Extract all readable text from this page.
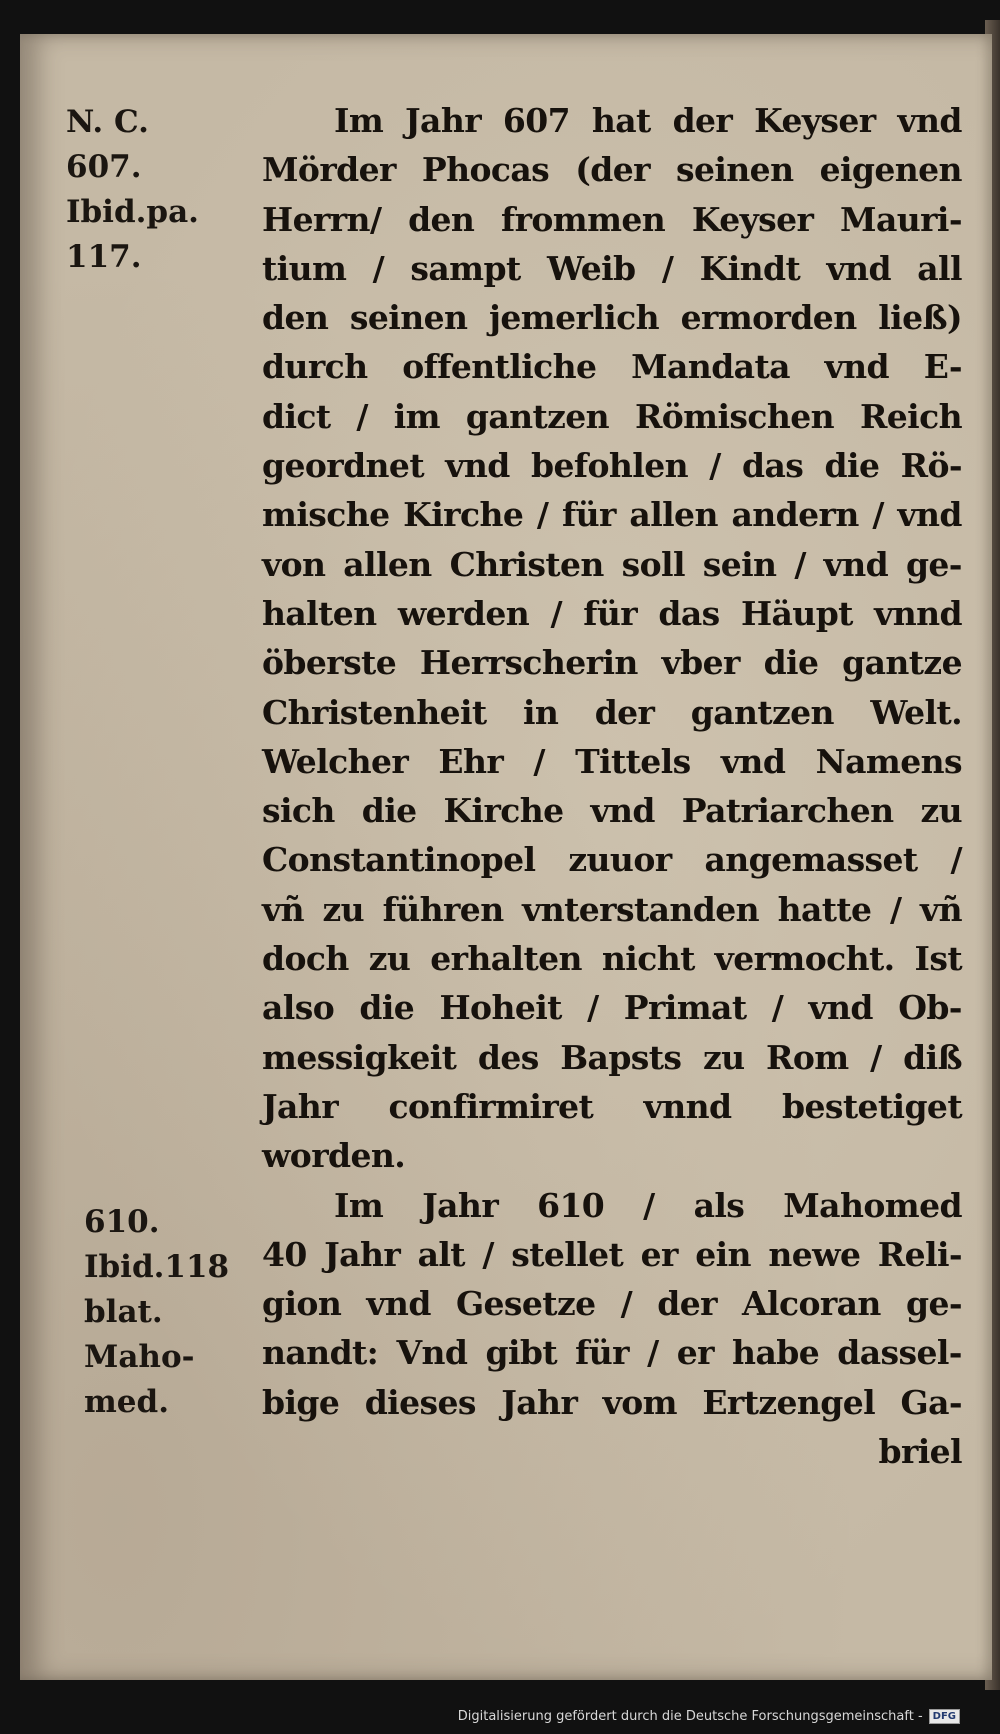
N. C.
607.
Ibid.pa.
117.
610.
Ibid.118
blat.
Maho-
med.
Im Jahr 607 hat der Keyser vnd
Mörder Phocas (der seinen eigenen
Herrn/ den frommen Keyser Mauri-
tium / sampt Weib / Kindt vnd all
den seinen jemerlich ermorden ließ)
durch offentliche Mandata vnd E-
dict / im gantzen Römischen Reich
geordnet vnd befohlen / das die Rö-
mische Kirche / für allen andern / vnd
von allen Christen soll sein / vnd ge-
halten werden / für das Häupt vnnd
öberste Herrscherin vber die gantze
Christenheit in der gantzen Welt.
Welcher Ehr / Tittels vnd Namens
sich die Kirche vnd Patriarchen zu
Constantinopel zuuor angemasset /
vñ zu führen vnterstanden hatte / vñ
doch zu erhalten nicht vermocht. Ist
also die Hoheit / Primat / vnd Ob-
messigkeit des Bapsts zu Rom / diß
Jahr confirmiret vnnd bestetiget
worden.
Im Jahr 610 / als Mahomed
40 Jahr alt / stellet er ein newe Reli-
gion vnd Gesetze / der Alcoran ge-
nandt: Vnd gibt für / er habe dassel-
bige dieses Jahr vom Ertzengel Ga-
briel
Digitalisierung gefördert durch die Deutsche Forschungsgemeinschaft -	DFG
